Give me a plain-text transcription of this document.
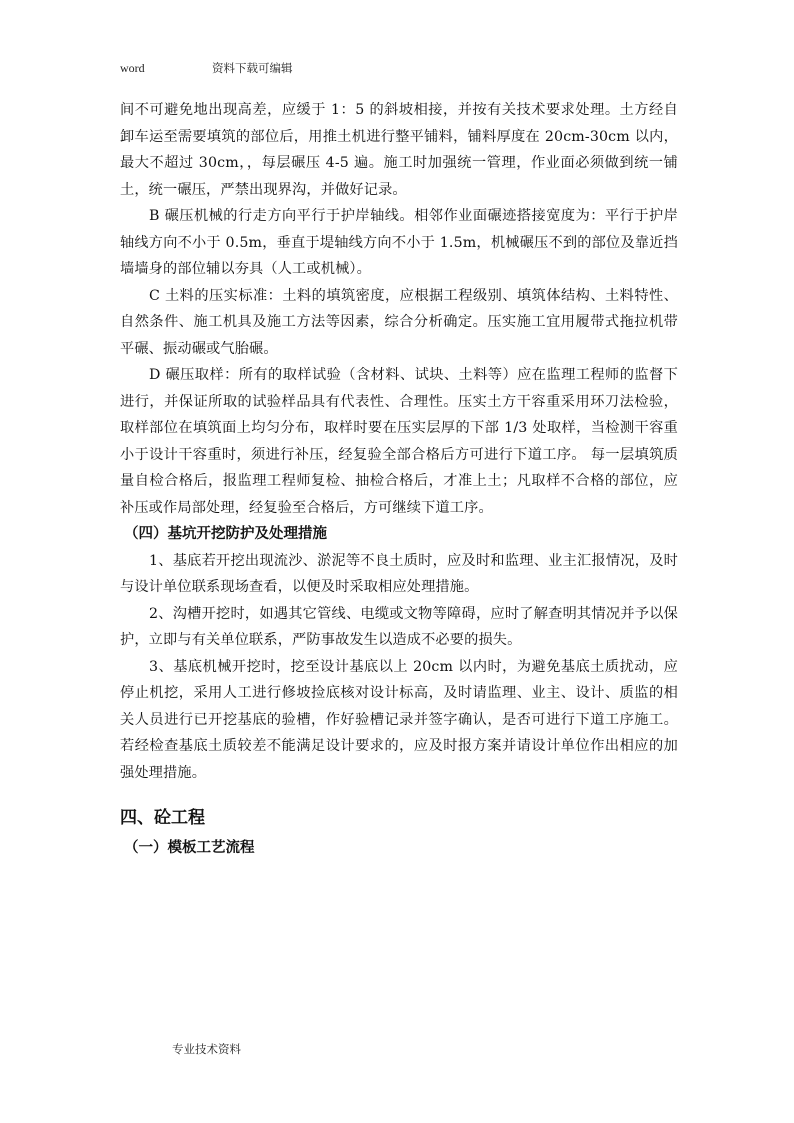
word	资料下载可编辑

间不可避免地出现高差，应缓于 1：5 的斜坡相接，并按有关技术要求处理。土方经自卸车运至需要填筑的部位后，用推土机进行整平铺料，铺料厚度在 20cm-30cm 以内，最大不超过 30cm，，每层碾压 4-5 遍。施工时加强统一管理，作业面必须做到统一铺土，统一碾压，严禁出现界沟，并做好记录。

B 碾压机械的行走方向平行于护岸轴线。相邻作业面碾迹搭接宽度为：平行于护岸轴线方向不小于 0.5m，垂直于堤轴线方向不小于 1.5m，机械碾压不到的部位及靠近挡墙墙身的部位辅以夯具（人工或机械）。

C 土料的压实标准：土料的填筑密度，应根据工程级别、填筑体结构、土料特性、自然条件、施工机具及施工方法等因素，综合分析确定。压实施工宜用履带式拖拉机带平碾、振动碾或气胎碾。

D 碾压取样：所有的取样试验（含材料、试块、土料等）应在监理工程师的监督下进行，并保证所取的试验样品具有代表性、合理性。压实土方干容重采用环刀法检验，取样部位在填筑面上均匀分布，取样时要在压实层厚的下部 1/3 处取样，当检测干容重小于设计干容重时，须进行补压，经复验全部合格后方可进行下道工序。 每一层填筑质量自检合格后，报监理工程师复检、抽检合格后，才准上土；凡取样不合格的部位，应补压或作局部处理，经复验至合格后，方可继续下道工序。

（四）基坑开挖防护及处理措施

1、基底若开挖出现流沙、淤泥等不良土质时，应及时和监理、业主汇报情况，及时与设计单位联系现场查看，以便及时采取相应处理措施。

2、沟槽开挖时，如遇其它管线、电缆或文物等障碍，应时了解查明其情况并予以保护，立即与有关单位联系，严防事故发生以造成不必要的损失。

3、基底机械开挖时，挖至设计基底以上 20cm 以内时，为避免基底土质扰动，应停止机挖，采用人工进行修坡捡底核对设计标高，及时请监理、业主、设计、质监的相关人员进行已开挖基底的验槽，作好验槽记录并签字确认，是否可进行下道工序施工。若经检查基底土质较差不能满足设计要求的，应及时报方案并请设计单位作出相应的加强处理措施。

四、砼工程
（一）模板工艺流程
专业技术资料
